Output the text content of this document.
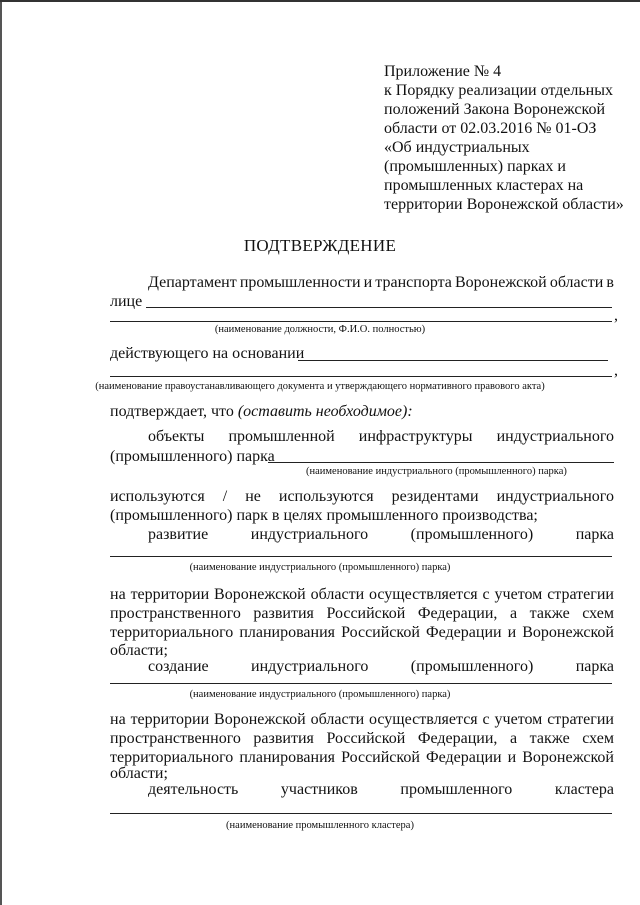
Приложение № 4
к Порядку реализации отдельных
положений Закона Воронежской
области от 02.03.2016 № 01-ОЗ
«Об индустриальных
(промышленных) парках и
промышленных кластерах на
территории Воронежской области»
ПОДТВЕРЖДЕНИЕ
Департамент промышленности и транспорта Воронежской области в
лице
,
(наименование должности, Ф.И.О. полностью)
действующего на основании
,
(наименование правоустанавливающего документа и утверждающего нормативного правового акта)
подтверждает, что (оставить необходимое):
объекты промышленной инфраструктуры индустриального
(промышленного) парка
(наименование индустриального (промышленного) парка)
используются / не используются резидентами индустриального
(промышленного) парк в целях промышленного производства;
развитие	индустриального	(промышленного)	парка
(наименование индустриального (промышленного) парка)
на территории Воронежской области осуществляется с учетом стратегии
пространственного развития Российской Федерации, а также схем
территориального планирования Российской Федерации и Воронежской
области;
создание	индустриального	(промышленного)	парка
(наименование индустриального (промышленного) парка)
на территории Воронежской области осуществляется с учетом стратегии
пространственного развития Российской Федерации, а также схем
территориального планирования Российской Федерации и Воронежской
области;
деятельность	участников	промышленного	кластера
(наименование промышленного кластера)
